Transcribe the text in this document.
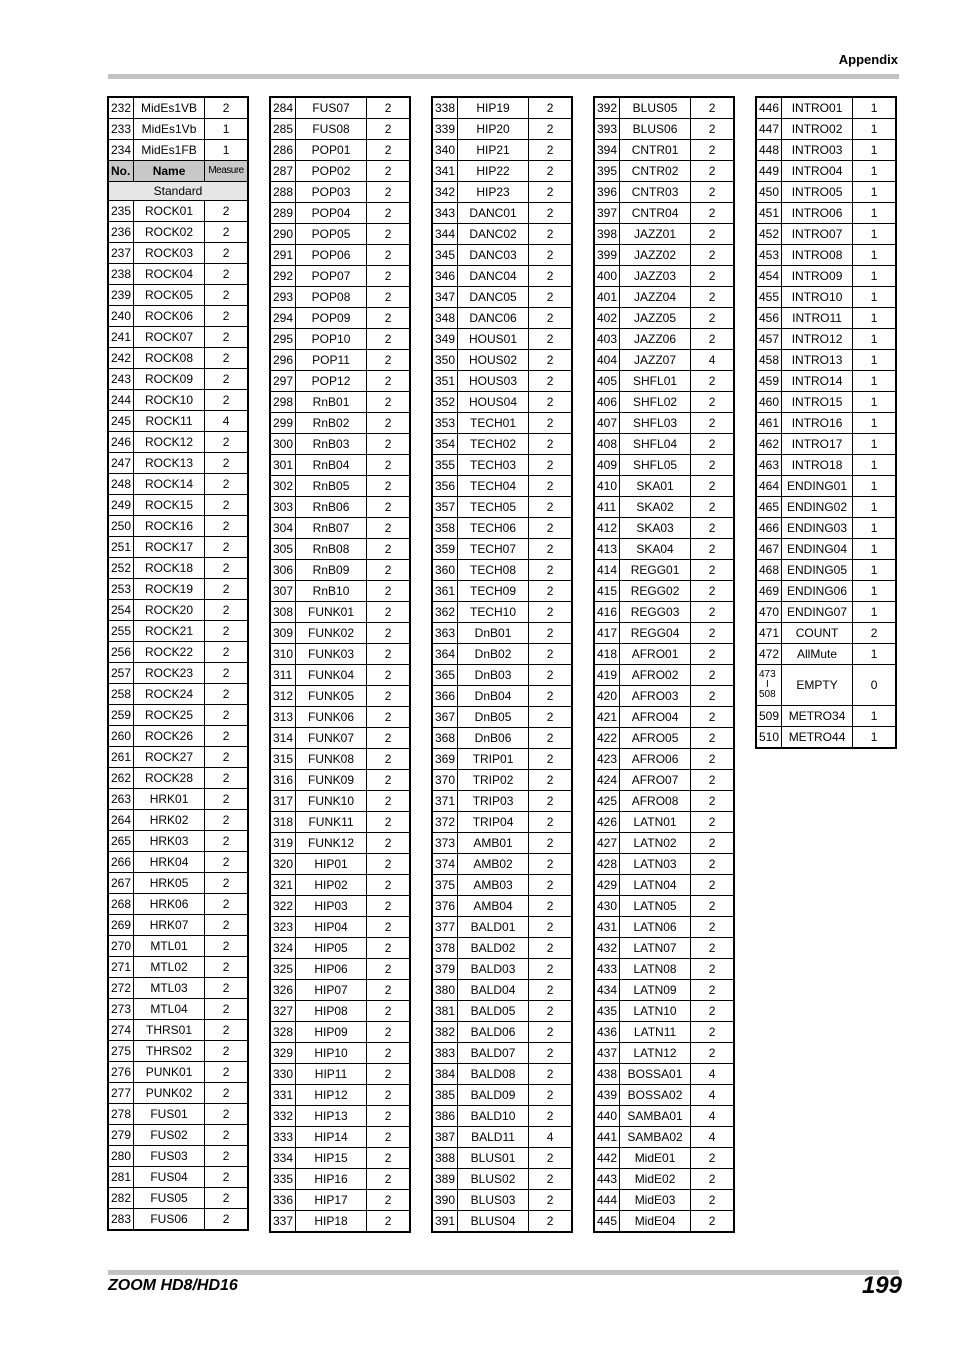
Appendix
232	MidEs1VB	2
233	MidEs1Vb	1
234	MidEs1FB	1
No.	Name	Measure
Standard		
235	ROCK01	2
236	ROCK02	2
237	ROCK03	2
238	ROCK04	2
239	ROCK05	2
240	ROCK06	2
241	ROCK07	2
242	ROCK08	2
243	ROCK09	2
244	ROCK10	2
245	ROCK11	4
246	ROCK12	2
247	ROCK13	2
248	ROCK14	2
249	ROCK15	2
250	ROCK16	2
251	ROCK17	2
252	ROCK18	2
253	ROCK19	2
254	ROCK20	2
255	ROCK21	2
256	ROCK22	2
257	ROCK23	2
258	ROCK24	2
259	ROCK25	2
260	ROCK26	2
261	ROCK27	2
262	ROCK28	2
263	HRK01	2
264	HRK02	2
265	HRK03	2
266	HRK04	2
267	HRK05	2
268	HRK06	2
269	HRK07	2
270	MTL01	2
271	MTL02	2
272	MTL03	2
273	MTL04	2
274	THRS01	2
275	THRS02	2
276	PUNK01	2
277	PUNK02	2
278	FUS01	2
279	FUS02	2
280	FUS03	2
281	FUS04	2
282	FUS05	2
283	FUS06	2
284	FUS07	2
285	FUS08	2
286	POP01	2
287	POP02	2
288	POP03	2
289	POP04	2
290	POP05	2
291	POP06	2
292	POP07	2
293	POP08	2
294	POP09	2
295	POP10	2
296	POP11	2
297	POP12	2
298	RnB01	2
299	RnB02	2
300	RnB03	2
301	RnB04	2
302	RnB05	2
303	RnB06	2
304	RnB07	2
305	RnB08	2
306	RnB09	2
307	RnB10	2
308	FUNK01	2
309	FUNK02	2
310	FUNK03	2
311	FUNK04	2
312	FUNK05	2
313	FUNK06	2
314	FUNK07	2
315	FUNK08	2
316	FUNK09	2
317	FUNK10	2
318	FUNK11	2
319	FUNK12	2
320	HIP01	2
321	HIP02	2
322	HIP03	2
323	HIP04	2
324	HIP05	2
325	HIP06	2
326	HIP07	2
327	HIP08	2
328	HIP09	2
329	HIP10	2
330	HIP11	2
331	HIP12	2
332	HIP13	2
333	HIP14	2
334	HIP15	2
335	HIP16	2
336	HIP17	2
337	HIP18	2
338	HIP19	2
339	HIP20	2
340	HIP21	2
341	HIP22	2
342	HIP23	2
343	DANC01	2
344	DANC02	2
345	DANC03	2
346	DANC04	2
347	DANC05	2
348	DANC06	2
349	HOUS01	2
350	HOUS02	2
351	HOUS03	2
352	HOUS04	2
353	TECH01	2
354	TECH02	2
355	TECH03	2
356	TECH04	2
357	TECH05	2
358	TECH06	2
359	TECH07	2
360	TECH08	2
361	TECH09	2
362	TECH10	2
363	DnB01	2
364	DnB02	2
365	DnB03	2
366	DnB04	2
367	DnB05	2
368	DnB06	2
369	TRIP01	2
370	TRIP02	2
371	TRIP03	2
372	TRIP04	2
373	AMB01	2
374	AMB02	2
375	AMB03	2
376	AMB04	2
377	BALD01	2
378	BALD02	2
379	BALD03	2
380	BALD04	2
381	BALD05	2
382	BALD06	2
383	BALD07	2
384	BALD08	2
385	BALD09	2
386	BALD10	2
387	BALD11	4
388	BLUS01	2
389	BLUS02	2
390	BLUS03	2
391	BLUS04	2
392	BLUS05	2
393	BLUS06	2
394	CNTR01	2
395	CNTR02	2
396	CNTR03	2
397	CNTR04	2
398	JAZZ01	2
399	JAZZ02	2
400	JAZZ03	2
401	JAZZ04	2
402	JAZZ05	2
403	JAZZ06	2
404	JAZZ07	4
405	SHFL01	2
406	SHFL02	2
407	SHFL03	2
408	SHFL04	2
409	SHFL05	2
410	SKA01	2
411	SKA02	2
412	SKA03	2
413	SKA04	2
414	REGG01	2
415	REGG02	2
416	REGG03	2
417	REGG04	2
418	AFRO01	2
419	AFRO02	2
420	AFRO03	2
421	AFRO04	2
422	AFRO05	2
423	AFRO06	2
424	AFRO07	2
425	AFRO08	2
426	LATN01	2
427	LATN02	2
428	LATN03	2
429	LATN04	2
430	LATN05	2
431	LATN06	2
432	LATN07	2
433	LATN08	2
434	LATN09	2
435	LATN10	2
436	LATN11	2
437	LATN12	2
438	BOSSA01	4
439	BOSSA02	4
440	SAMBA01	4
441	SAMBA02	4
442	MidE01	2
443	MidE02	2
444	MidE03	2
445	MidE04	2
446	INTRO01	1
447	INTRO02	1
448	INTRO03	1
449	INTRO04	1
450	INTRO05	1
451	INTRO06	1
452	INTRO07	1
453	INTRO08	1
454	INTRO09	1
455	INTRO10	1
456	INTRO11	1
457	INTRO12	1
458	INTRO13	1
459	INTRO14	1
460	INTRO15	1
461	INTRO16	1
462	INTRO17	1
463	INTRO18	1
464	ENDING01	1
465	ENDING02	1
466	ENDING03	1
467	ENDING04	1
468	ENDING05	1
469	ENDING06	1
470	ENDING07	1
471	COUNT	2
472	AllMute	1
473
I
508	EMPTY	0
509	METRO34	1
510	METRO44	1
ZOOM HD8/HD16	199
